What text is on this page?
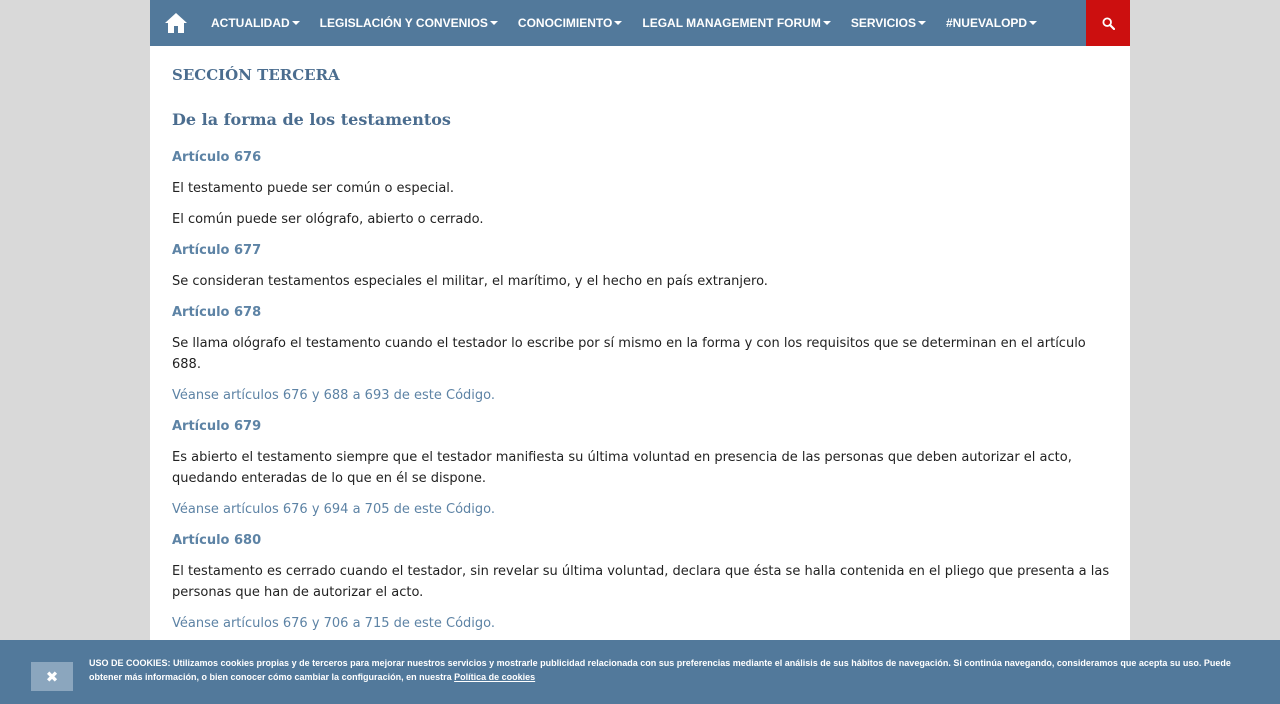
ACTUALIDAD	LEGISLACIÓN Y CONVENIOS	CONOCIMIENTO	LEGAL MANAGEMENT FORUM	SERVICIOS	#NUEVALOPD
SECCIÓN TERCERA
De la forma de los testamentos

Artículo 676

El testamento puede ser común o especial.

El común puede ser ológrafo, abierto o cerrado.

Artículo 677

Se consideran testamentos especiales el militar, el marítimo, y el hecho en país extranjero.

Artículo 678

Se llama ológrafo el testamento cuando el testador lo escribe por sí mismo en la forma y con los requisitos que se determinan en el artículo 688.

Véanse artículos 676 y 688 a 693 de este Código.

Artículo 679

Es abierto el testamento siempre que el testador manifiesta su última voluntad en presencia de las personas que deben autorizar el acto, quedando enteradas de lo que en él se dispone.

Véanse artículos 676 y 694 a 705 de este Código.

Artículo 680

El testamento es cerrado cuando el testador, sin revelar su última voluntad, declara que ésta se halla contenida en el pliego que presenta a las personas que han de autorizar el acto.

Véanse artículos 676 y 706 a 715 de este Código.

✖
USO DE COOKIES: Utilizamos cookies propias y de terceros para mejorar nuestros servicios y mostrarle publicidad relacionada con sus preferencias mediante el análisis de sus hábitos de navegación. Si continúa navegando, consideramos que acepta su uso. Puede obtener más información, o bien conocer cómo cambiar la configuración, en nuestra Política de cookies
